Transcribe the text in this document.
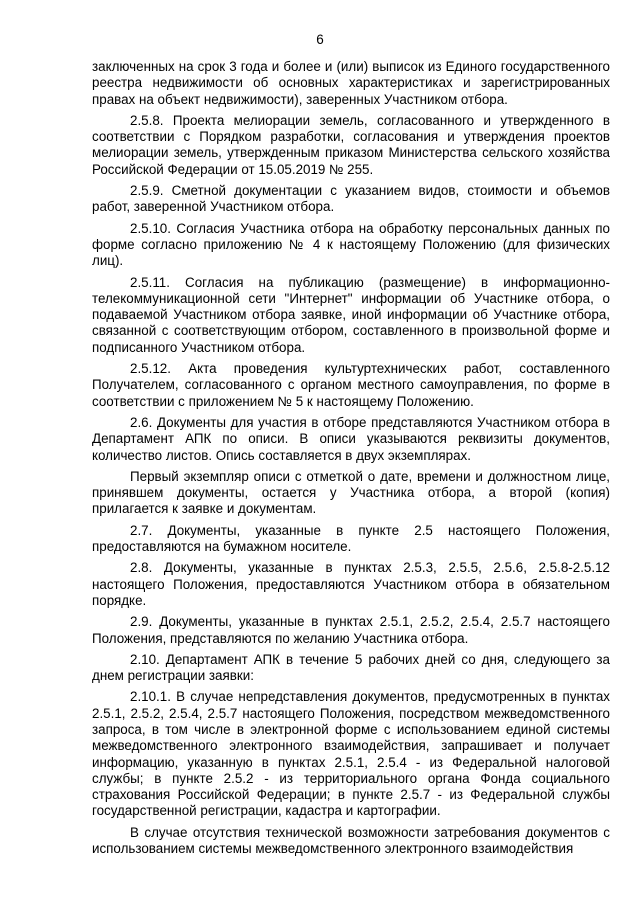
6

заключенных на срок 3 года и более и (или) выписок из Единого государственного реестра недвижимости об основных характеристиках и зарегистрированных правах на объект недвижимости), заверенных Участником отбора.

2.5.8. Проекта мелиорации земель, согласованного и утвержденного в соответствии с Порядком разработки, согласования и утверждения проектов мелиорации земель, утвержденным приказом Министерства сельского хозяйства Российской Федерации от 15.05.2019 № 255.

2.5.9. Сметной документации с указанием видов, стоимости и объемов работ, заверенной Участником отбора.

2.5.10. Согласия Участника отбора на обработку персональных данных по форме согласно приложению № 4 к настоящему Положению (для физических лиц).

2.5.11. Согласия на публикацию (размещение) в информационно-телекоммуникационной сети "Интернет" информации об Участнике отбора, о подаваемой Участником отбора заявке, иной информации об Участнике отбора, связанной с соответствующим отбором, составленного в произвольной форме и подписанного Участником отбора.

2.5.12. Акта проведения культуртехнических работ, составленного Получателем, согласованного с органом местного самоуправления, по форме в соответствии с приложением № 5 к настоящему Положению.

2.6. Документы для участия в отборе представляются Участником отбора в Департамент АПК по описи. В описи указываются реквизиты документов, количество листов. Опись составляется в двух экземплярах.

Первый экземпляр описи с отметкой о дате, времени и должностном лице, принявшем документы, остается у Участника отбора, а второй (копия) прилагается к заявке и документам.

2.7. Документы, указанные в пункте 2.5 настоящего Положения, предоставляются на бумажном носителе.

2.8. Документы, указанные в пунктах 2.5.3, 2.5.5, 2.5.6, 2.5.8-2.5.12 настоящего Положения, предоставляются Участником отбора в обязательном порядке.

2.9. Документы, указанные в пунктах 2.5.1, 2.5.2, 2.5.4, 2.5.7 настоящего Положения, представляются по желанию Участника отбора.

2.10. Департамент АПК в течение 5 рабочих дней со дня, следующего за днем регистрации заявки:

2.10.1. В случае непредставления документов, предусмотренных в пунктах 2.5.1, 2.5.2, 2.5.4, 2.5.7 настоящего Положения, посредством межведомственного запроса, в том числе в электронной форме с использованием единой системы межведомственного электронного взаимодействия, запрашивает и получает информацию, указанную в пунктах 2.5.1, 2.5.4 - из Федеральной налоговой службы; в пункте 2.5.2 - из территориального органа Фонда социального страхования Российской Федерации; в пункте 2.5.7 - из Федеральной службы государственной регистрации, кадастра и картографии.

В случае отсутствия технической возможности затребования документов с использованием системы межведомственного электронного взаимодействия
